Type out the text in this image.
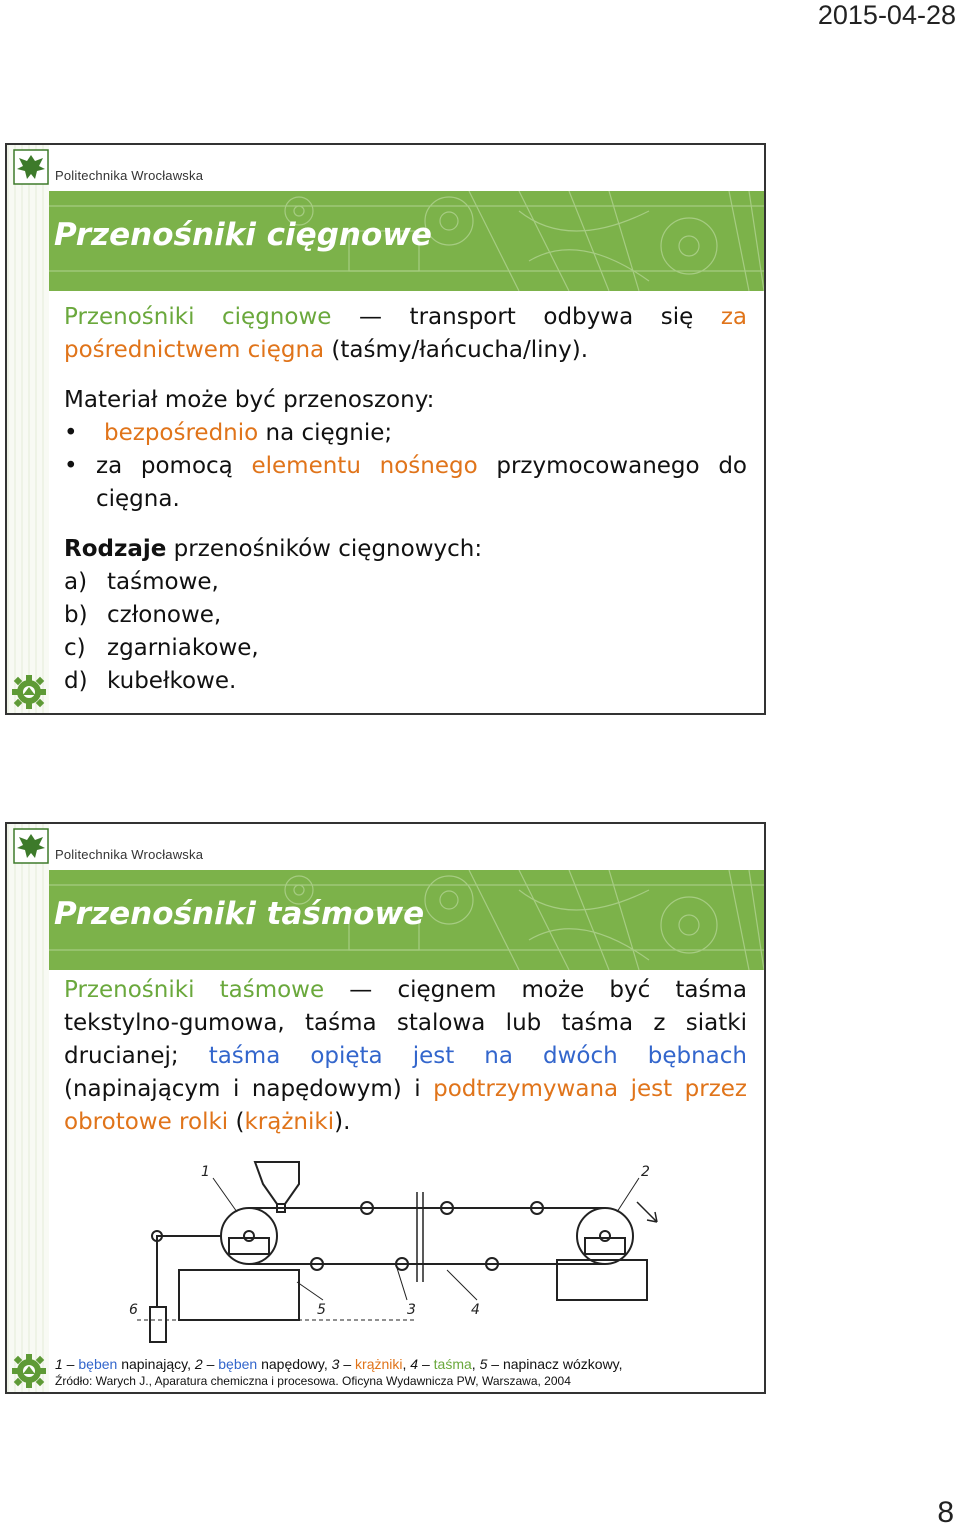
2015-04-28
Politechnika Wrocławska
Przenośniki cięgnowe

Przenośniki cięgnowe — transport odbywa się za pośrednictwem cięgna (taśmy/łańcucha/liny).

Materiał może być przenoszony:

•	bezpośrednio na cięgnie;
• za pomocą elementu nośnego przymocowanego do cięgna.

Rodzaje przenośników cięgnowych:

a) taśmowe,
b) członowe,
c) zgarniakowe,
d) kubełkowe.
Politechnika Wrocławska
Przenośniki taśmowe
Przenośniki taśmowe — cięgnem może być taśma tekstylno-gumowa, taśma stalowa lub taśma z siatki drucianej; taśma opięta jest na dwóch bębnach (napinającym i napędowym) i podtrzymywana jest przez obrotowe rolki (krążniki).
1	2
3	4
5
6
1 – bęben napinający, 2 – bęben napędowy, 3 – krążniki, 4 – taśma, 5 – napinacz wózkowy,
Źródło: Warych J., Aparatura chemiczna i procesowa. Oficyna Wydawnicza PW, Warszawa, 2004
8
